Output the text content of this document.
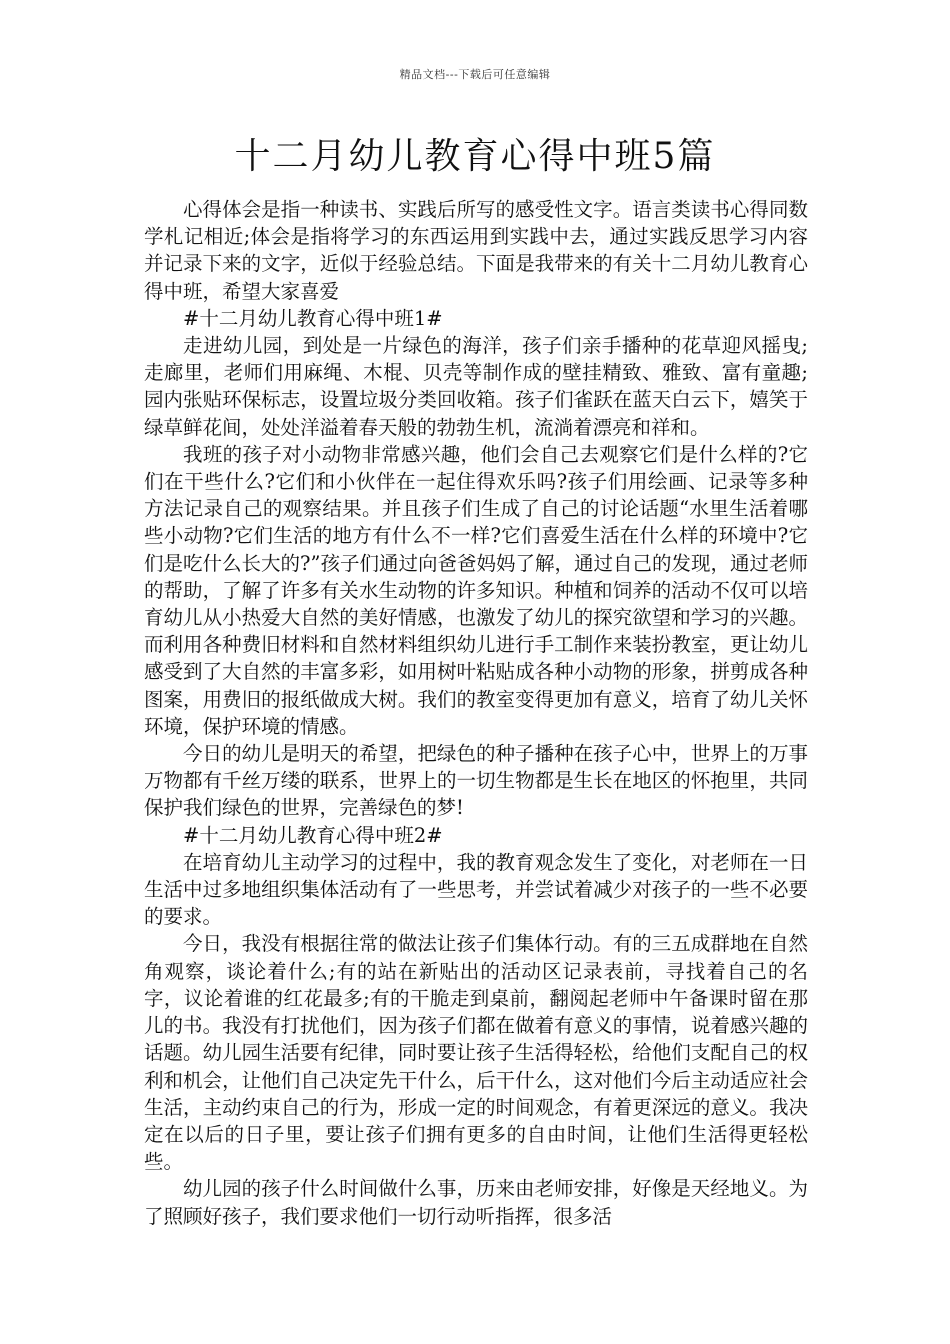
精品文档---下载后可任意编辑
十二月幼儿教育心得中班5篇

心得体会是指一种读书、实践后所写的感受性文字。语言类读书心得同数学札记相近;体会是指将学习的东西运用到实践中去，通过实践反思学习内容并记录下来的文字，近似于经验总结。下面是我带来的有关十二月幼儿教育心得中班，希望大家喜爱

#十二月幼儿教育心得中班1#

走进幼儿园，到处是一片绿色的海洋，孩子们亲手播种的花草迎风摇曳;走廊里，老师们用麻绳、木棍、贝壳等制作成的壁挂精致、雅致、富有童趣;园内张贴环保标志，设置垃圾分类回收箱。孩子们雀跃在蓝天白云下，嬉笑于绿草鲜花间，处处洋溢着春天般的勃勃生机，流淌着漂亮和祥和。

我班的孩子对小动物非常感兴趣，他们会自己去观察它们是什么样的?它们在干些什么?它们和小伙伴在一起住得欢乐吗?孩子们用绘画、记录等多种方法记录自己的观察结果。并且孩子们生成了自己的讨论话题“水里生活着哪些小动物?它们生活的地方有什么不一样?它们喜爱生活在什么样的环境中?它们是吃什么长大的?”孩子们通过向爸爸妈妈了解，通过自己的发现，通过老师的帮助，了解了许多有关水生动物的许多知识。种植和饲养的活动不仅可以培育幼儿从小热爱大自然的美好情感，也激发了幼儿的探究欲望和学习的兴趣。而利用各种费旧材料和自然材料组织幼儿进行手工制作来装扮教室，更让幼儿感受到了大自然的丰富多彩，如用树叶粘贴成各种小动物的形象，拼剪成各种图案，用费旧的报纸做成大树。我们的教室变得更加有意义，培育了幼儿关怀环境，保护环境的情感。

今日的幼儿是明天的希望，把绿色的种子播种在孩子心中，世界上的万事万物都有千丝万缕的联系，世界上的一切生物都是生长在地区的怀抱里，共同保护我们绿色的世界，完善绿色的梦!

#十二月幼儿教育心得中班2#

在培育幼儿主动学习的过程中，我的教育观念发生了变化，对老师在一日生活中过多地组织集体活动有了一些思考，并尝试着减少对孩子的一些不必要的要求。

今日，我没有根据往常的做法让孩子们集体行动。有的三五成群地在自然角观察，谈论着什么;有的站在新贴出的活动区记录表前，寻找着自己的名字，议论着谁的红花最多;有的干脆走到桌前，翻阅起老师中午备课时留在那儿的书。我没有打扰他们，因为孩子们都在做着有意义的事情，说着感兴趣的话题。幼儿园生活要有纪律，同时要让孩子生活得轻松，给他们支配自己的权利和机会，让他们自己决定先干什么，后干什么，这对他们今后主动适应社会生活，主动约束自己的行为，形成一定的时间观念，有着更深远的意义。我决定在以后的日子里，要让孩子们拥有更多的自由时间，让他们生活得更轻松些。

幼儿园的孩子什么时间做什么事，历来由老师安排，好像是天经地义。为了照顾好孩子，我们要求他们一切行动听指挥，很多活
